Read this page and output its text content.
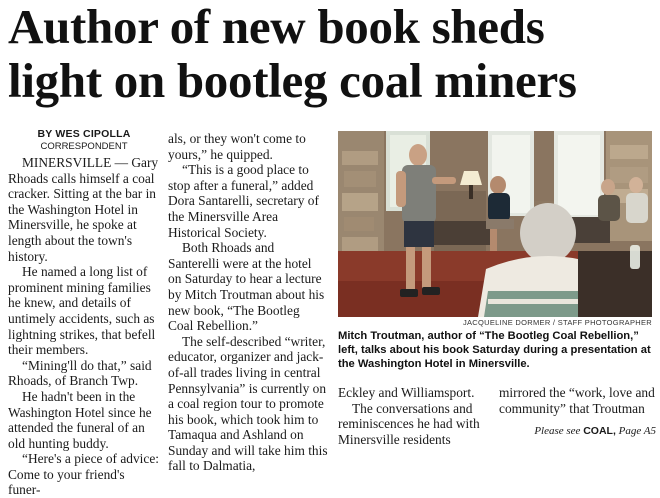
Author of new book sheds
light on bootleg coal miners
BY WES CIPOLLA
CORRESPONDENT

MINERSVILLE — Gary Rhoads calls himself a coal cracker. Sitting at the bar in the Washington Hotel in Minersville, he spoke at length about the town's history.

He named a long list of prominent mining families he knew, and details of untimely accidents, such as lightning strikes, that befell their members.

“Mining'll do that,” said Rhoads, of Branch Twp.

He hadn't been in the Washington Hotel since he attended the funeral of an old hunting buddy.

“Here's a piece of advice: Come to your friend's funer-

als, or they won't come to yours,” he quipped.

“This is a good place to stop after a funeral,” added Dora Santarelli, secretary of the Minersville Area Historical Society.

Both Rhoads and Santerelli were at the hotel on Saturday to hear a lecture by Mitch Troutman about his new book, “The Bootleg Coal Rebellion.”

The self-described “writer, educator, organizer and jack-of-all trades living in central Pennsylvania” is currently on a coal region tour to promote his book, which took him to Tamaqua and Ashland on Sunday and will take him this fall to Dalmatia,

JACQUELINE DORMER / STAFF PHOTOGRAPHER
Mitch Troutman, author of “The Bootleg Coal Rebellion,” left, talks about his book Saturday during a presentation at the Washington Hotel in Minersville.

Eckley and Williamsport.

The conversations and reminiscences he had with Minersville residents

mirrored the “work, love and community” that Troutman

Please see COAL, Page A5
